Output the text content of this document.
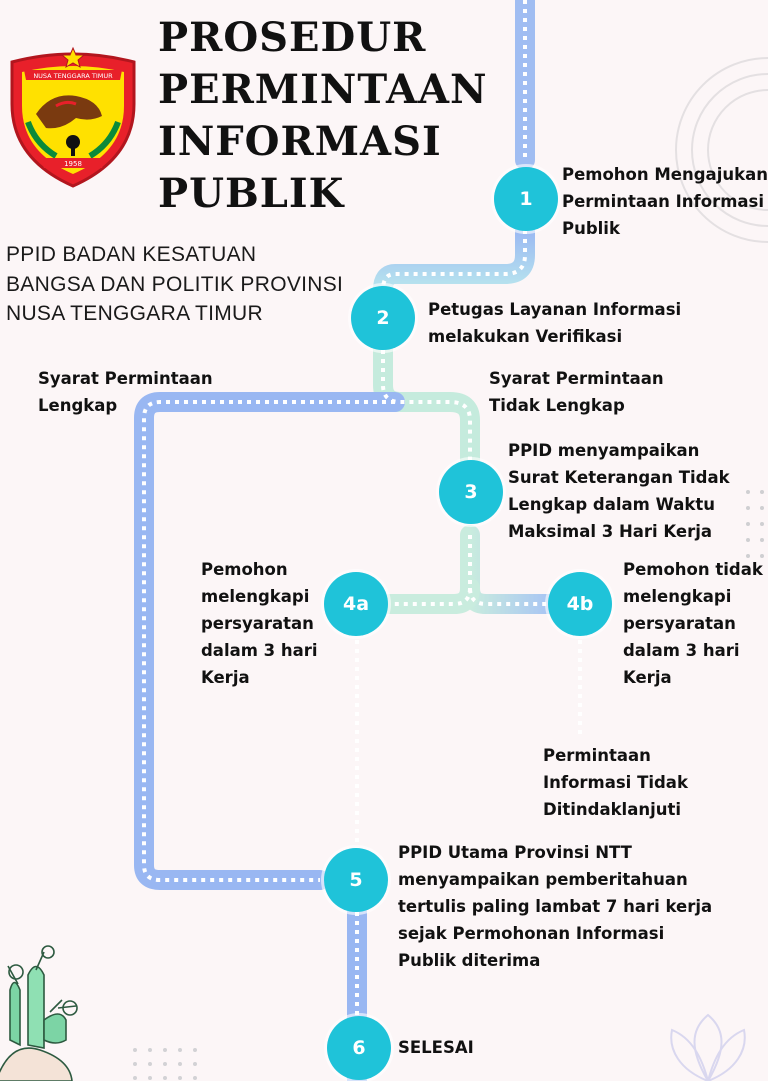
NUSA TENGGARA TIMUR
1958
PROSEDUR
PERMINTAAN
INFORMASI
PUBLIK
PPID BADAN KESATUAN
BANGSA DAN POLITIK PROVINSI
NUSA TENGGARA TIMUR
1
2
3
4a	4b
5
6
Pemohon Mengajukan
Permintaan Informasi
Publik
Petugas Layanan Informasi
melakukan Verifikasi
PPID menyampaikan
Surat Keterangan Tidak
Lengkap dalam Waktu
Maksimal 3 Hari Kerja
Pemohon
melengkapi
persyaratan
dalam 3 hari
Kerja
Pemohon tidak
melengkapi
persyaratan
dalam 3 hari
Kerja
PPID Utama Provinsi NTT
menyampaikan pemberitahuan
tertulis paling lambat 7 hari kerja
sejak Permohonan Informasi
Publik diterima
SELESAI
Syarat Permintaan
Lengkap
Syarat Permintaan
Tidak Lengkap
Permintaan
Informasi Tidak
Ditindaklanjuti
